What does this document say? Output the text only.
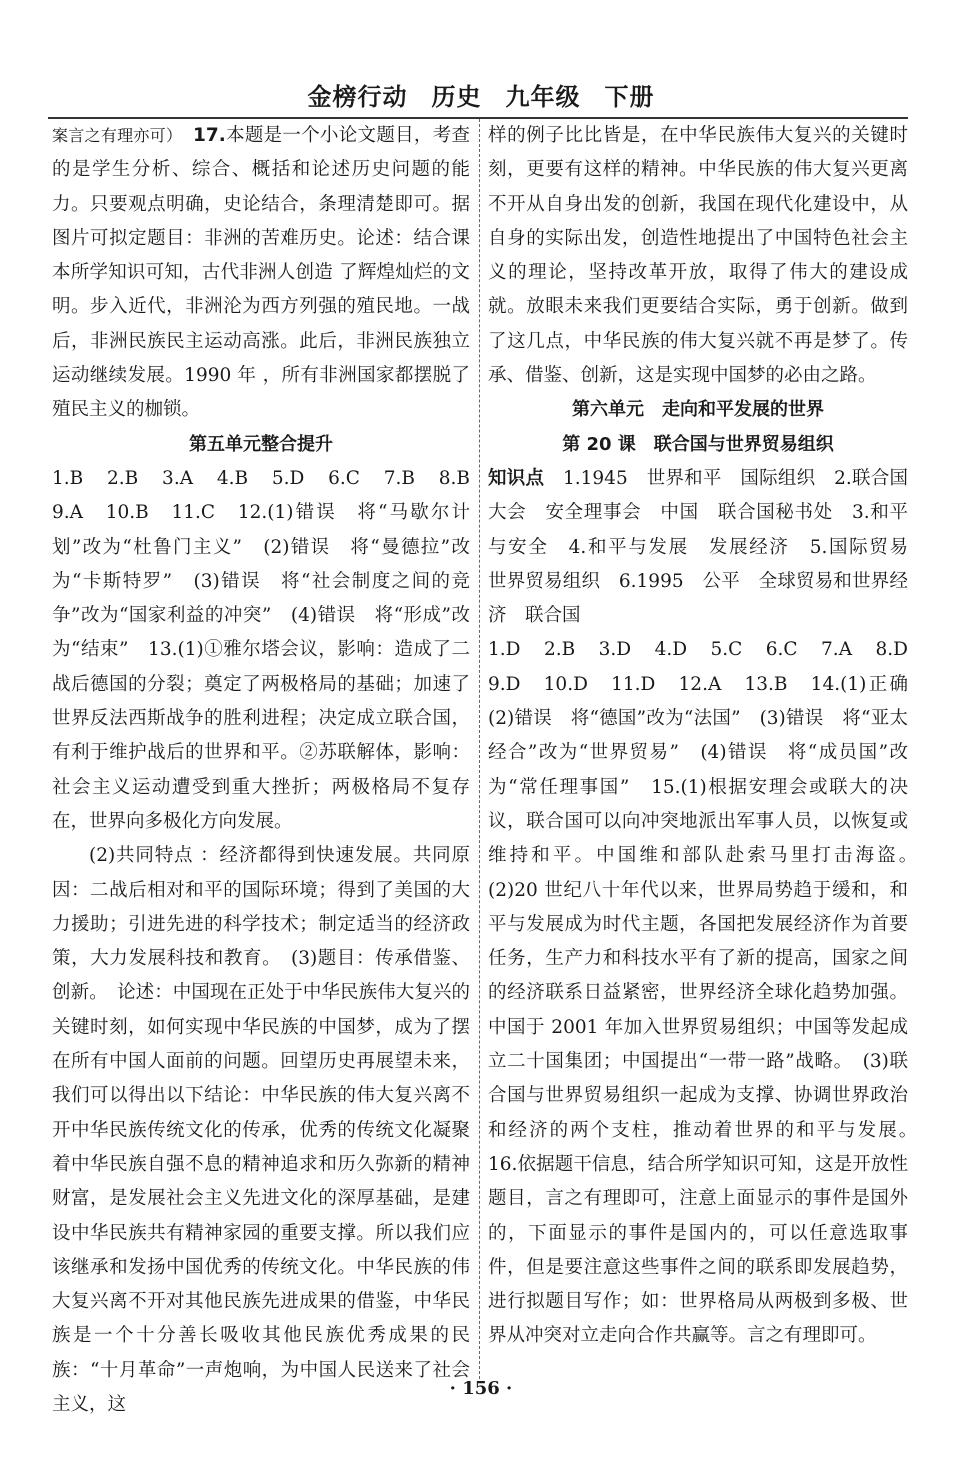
金榜行动 历史 九年级 下册

案言之有理亦可）　 17.本题是一个小论文题目，考查的是学生分析、综合、概括和论述历史问题的能力。只要观点明确，史论结合，条理清楚即可。据图片可拟定题目：非洲的苦难历史。论述：结合课本所学知识可知，古代非洲人创造 了辉煌灿烂的文明。步入近代，非洲沦为西方列强的殖民地。一战后，非洲民族民主运动高涨。此后，非洲民族独立运动继续发展。1990 年 ，所有非洲国家都摆脱了殖民主义的枷锁。

第五单元整合提升

1.B　2.B　3.A　4.B　5.D　6.C　7.B　8.B　9.A　10.B　11.C　12.(1)错误　将“马歇尔计划”改为“杜鲁门主义”　(2)错误　将“曼德拉”改为“卡斯特罗”　(3)错误　将“社会制度之间的竞争”改为“国家利益的冲突”　(4)错误　将“形成”改为“结束”　13.(1)①雅尔塔会议，影响：造成了二战后德国的分裂；奠定了两极格局的基础；加速了世界反法西斯战争的胜利进程；决定成立联合国，有利于维护战后的世界和平。②苏联解体，影响：社会主义运动遭受到重大挫折；两极格局不复存在，世界向多极化方向发展。

(2)共同特点 ：经济都得到快速发展。共同原因：二战后相对和平的国际环境；得到了美国的大力援助；引进先进的科学技术；制定适当的经济政策，大力发展科技和教育。　(3)题目：传承借鉴、创新。　论述：中国现在正处于中华民族伟大复兴的关键时刻，如何实现中华民族的中国梦，成为了摆在所有中国人面前的问题。回望历史再展望未来，我们可以得出以下结论：中华民族的伟大复兴离不开中华民族传统文化的传承，优秀的传统文化凝聚着中华民族自强不息的精神追求和历久弥新的精神财富，是发展社会主义先进文化的深厚基础，是建设中华民族共有精神家园的重要支撑。所以我们应该继承和发扬中国优秀的传统文化。中华民族的伟大复兴离不开对其他民族先进成果的借鉴，中华民族是一个十分善长吸收其他民族优秀成果的民族：“十月革命”一声炮响，为中国人民送来了社会主义，这

样的例子比比皆是，在中华民族伟大复兴的关键时刻，更要有这样的精神。中华民族的伟大复兴更离不开从自身出发的创新，我国在现代化建设中，从自身的实际出发，创造性地提出了中国特色社会主义的理论，坚持改革开放，取得了伟大的建设成就。放眼未来我们更要结合实际，勇于创新。做到了这几点，中华民族的伟大复兴就不再是梦了。传承、借鉴、创新，这是实现中国梦的必由之路。

第六单元　走向和平发展的世界

第 20 课　联合国与世界贸易组织

知识点　 1.1945　世界和平　国际组织　2.联合国大会　安全理事会　中国　联合国秘书处　3.和平与安全　4.和平与发展　发展经济　5.国际贸易　世界贸易组织　6.1995　公平　全球贸易和世界经济　联合国

1.D　2.B　3.D　4.D　5.C　6.C　7.A　8.D　9.D　10.D　11.D　12.A　13.B　14.(1)正确　(2)错误　将“德国”改为“法国”　(3)错误　将“亚太经合”改为“世界贸易”　(4)错误　将“成员国”改为“常任理事国”　15.(1)根据安理会或联大的决议，联合国可以向冲突地派出军事人员，以恢复或维持和平。中国维和部队赴索马里打击海盗。　(2)20 世纪八十年代以来，世界局势趋于缓和，和平与发展成为时代主题，各国把发展经济作为首要任务，生产力和科技水平有了新的提高，国家之间的经济联系日益紧密，世界经济全球化趋势加强。中国于 2001 年加入世界贸易组织；中国等发起成立二十国集团；中国提出“一带一路”战略。　(3)联合国与世界贸易组织一起成为支撑、协调世界政治和经济的两个支柱，推动着世界的和平与发展。　16.依据题干信息，结合所学知识可知，这是开放性题目，言之有理即可，注意上面显示的事件是国外的，下面显示的事件是国内的，可以任意选取事件，但是要注意这些事件之间的联系即发展趋势，进行拟题目写作；如：世界格局从两极到多极、世界从冲突对立走向合作共赢等。言之有理即可。

· 156 ·
